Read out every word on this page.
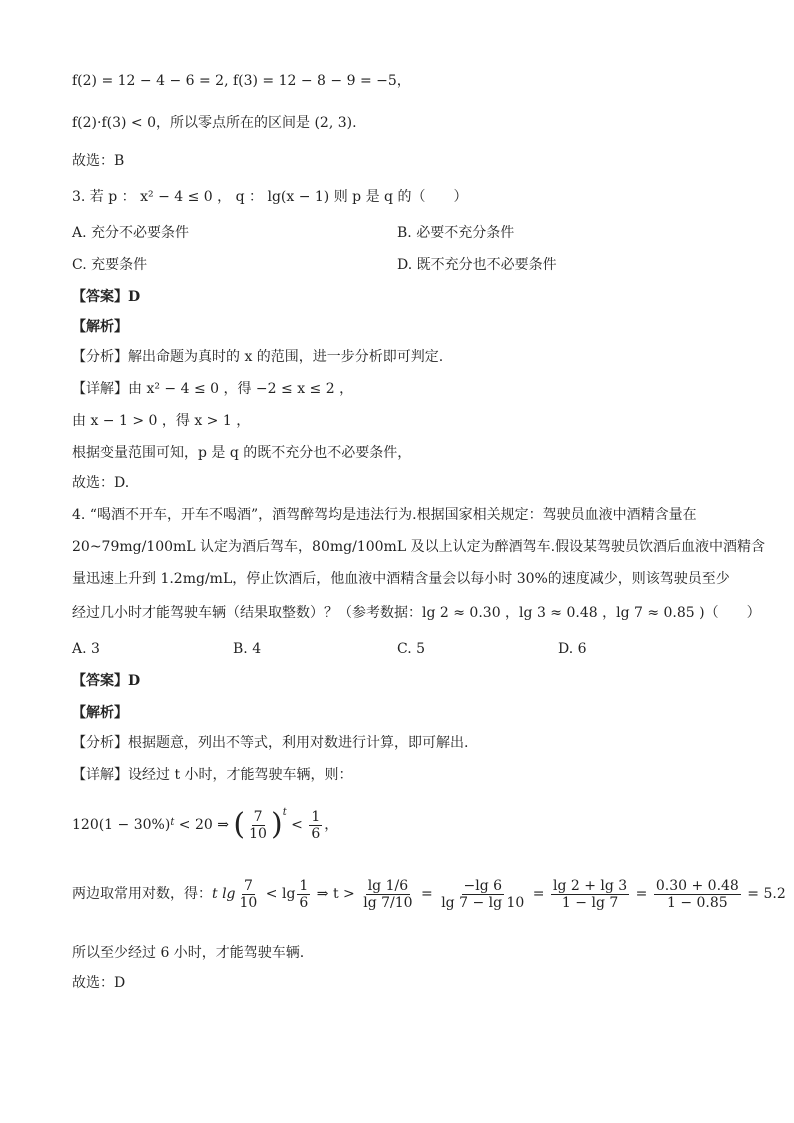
f(2) = 12 − 4 − 6 = 2, f(3) = 12 − 8 − 9 = −5，
f(2)·f(3) < 0，所以零点所在的区间是 (2, 3).
故选：B
3. 若 p ： x² − 4 ≤ 0 ， q ： lg(x − 1) 则 p 是 q 的（　　）
A. 充分不必要条件	B. 必要不充分条件
C. 充要条件	D. 既不充分也不必要条件
【答案】D
【解析】
【分析】解出命题为真时的 x 的范围，进一步分析即可判定.
【详解】由 x² − 4 ≤ 0 ，得 −2 ≤ x ≤ 2 ，
由 x − 1 > 0 ，得 x > 1 ，
根据变量范围可知，p 是 q 的既不充分也不必要条件，
故选：D.
4. “喝酒不开车，开车不喝酒”，酒驾醉驾均是违法行为.根据国家相关规定：驾驶员血液中酒精含量在
20~79mg/100mL 认定为酒后驾车，80mg/100mL 及以上认定为醉酒驾车.假设某驾驶员饮酒后血液中酒精含
量迅速上升到 1.2mg/mL，停止饮酒后，他血液中酒精含量会以每小时 30%的速度减少，则该驾驶员至少
经过几小时才能驾驶车辆（结果取整数）？（参考数据：lg 2 ≈ 0.30 ，lg 3 ≈ 0.48 ，lg 7 ≈ 0.85 )（　　）
A. 3	B. 4	C. 5	D. 6
【答案】D
【解析】
【分析】根据题意，列出不等式，利用对数进行计算，即可解出.
【详解】设经过 t 小时，才能驾驶车辆，则：
$120(1 - 30\%)^t < 20$ ⇒ ( $\frac{7}{10} )^t$
< $\frac{1}{6}$ ，
两边取常用对数，得： t $\lg \frac{7}{10} < \lg \frac{1}{6}$ ⇒ $t > \frac{\lg 1/6}{\lg 7/10} = \frac{-\lg 6}{\lg 7 - \lg 10} = \frac{\lg 2 + \lg 3}{1 - \lg 7} = \frac{0.30 + 0.48}{1 - 0.85} = 5.2$
所以至少经过 6 小时，才能驾驶车辆.
故选：D
